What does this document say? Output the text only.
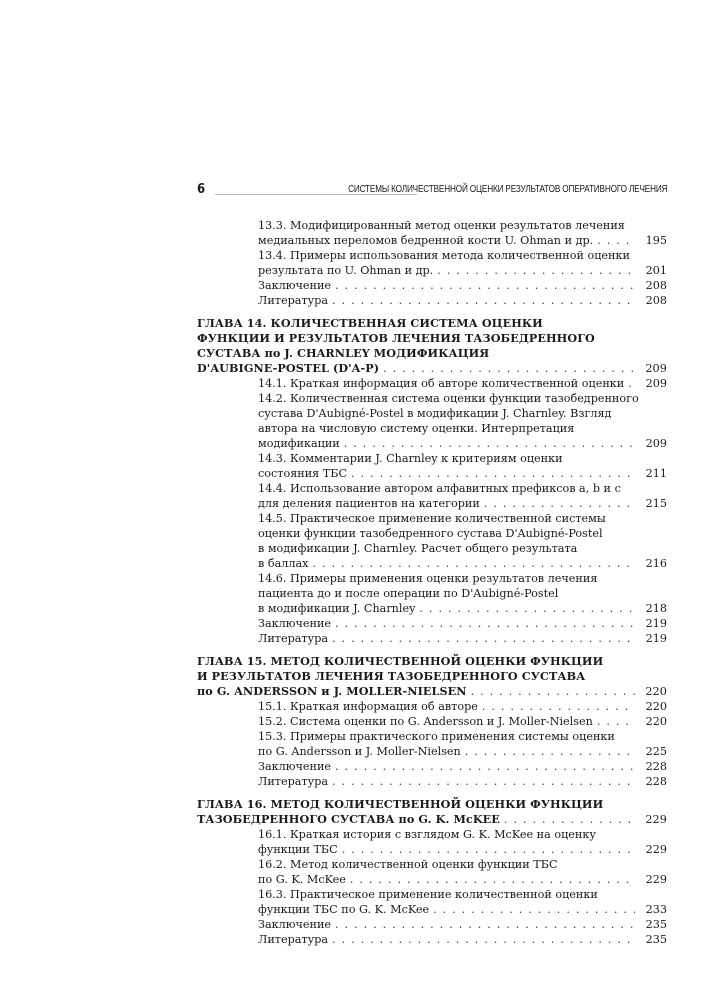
6	СИСТЕМЫ КОЛИЧЕСТВЕННОЙ ОЦЕНКИ РЕЗУЛЬТАТОВ ОПЕРАТИВНОГО ЛЕЧЕНИЯ
13.3. Модифицированный метод оценки результатов лечения
медиальных переломов бедренной кости U. Ohman и др. . . .	195
13.4. Примеры использования метода количественной оценки
результата по U. Ohman и др. . . .	201
Заключение . . .	208
Литература . . .	208
ГЛАВА 14. КОЛИЧЕСТВЕННАЯ СИСТЕМА ОЦЕНКИ
ФУНКЦИИ И РЕЗУЛЬТАТОВ ЛЕЧЕНИЯ ТАЗОБЕДРЕННОГО
СУСТАВА по J. CHARNLEY МОДИФИКАЦИЯ
D'AUBIGNE-POSTEL (D'A-P) . . .	209
14.1. Краткая информация об авторе количественной оценки . . .	209
14.2. Количественная система оценки функции тазобедренного
сустава D'Aubigné-Postel в модификации J. Charnley. Взгляд
автора на числовую систему оценки. Интерпретация
модификации . . .	209
14.3. Комментарии J. Charnley к критериям оценки
состояния ТБС . . .	211
14.4. Использование автором алфавитных префиксов a, b и c
для деления пациентов на категории . . .	215
14.5. Практическое применение количественной системы
оценки функции тазобедренного сустава D'Aubigné-Postel
в модификации J. Charnley. Расчет общего результата
в баллах . . .	216
14.6. Примеры применения оценки результатов лечения
пациента до и после операции по D'Aubigné-Postel
в модификации J. Charnley . . .	218
Заключение . . .	219
Литература . . .	219
ГЛАВА 15. МЕТОД КОЛИЧЕСТВЕННОЙ ОЦЕНКИ ФУНКЦИИ
И РЕЗУЛЬТАТОВ ЛЕЧЕНИЯ ТАЗОБЕДРЕННОГО СУСТАВА
по G. ANDERSSON и J. MOLLER-NIELSEN . . .	220
15.1. Краткая информация об авторе . . .	220
15.2. Система оценки по G. Andersson и J. Moller-Nielsen . . .	220
15.3. Примеры практического применения системы оценки
по G. Andersson и J. Moller-Nielsen . . .	225
Заключение . . .	228
Литература . . .	228
ГЛАВА 16. МЕТОД КОЛИЧЕСТВЕННОЙ ОЦЕНКИ ФУНКЦИИ
ТАЗОБЕДРЕННОГО СУСТАВА по G. K. McKEE . . .	229
16.1. Краткая история с взглядом G. K. McKee на оценку
функции ТБС . . .	229
16.2. Метод количественной оценки функции ТБС
по G. K. McKee . . .	229
16.3. Практическое применение количественной оценки
функции ТБС по G. K. McKee . . .	233
Заключение . . .	235
Литература . . .	235
